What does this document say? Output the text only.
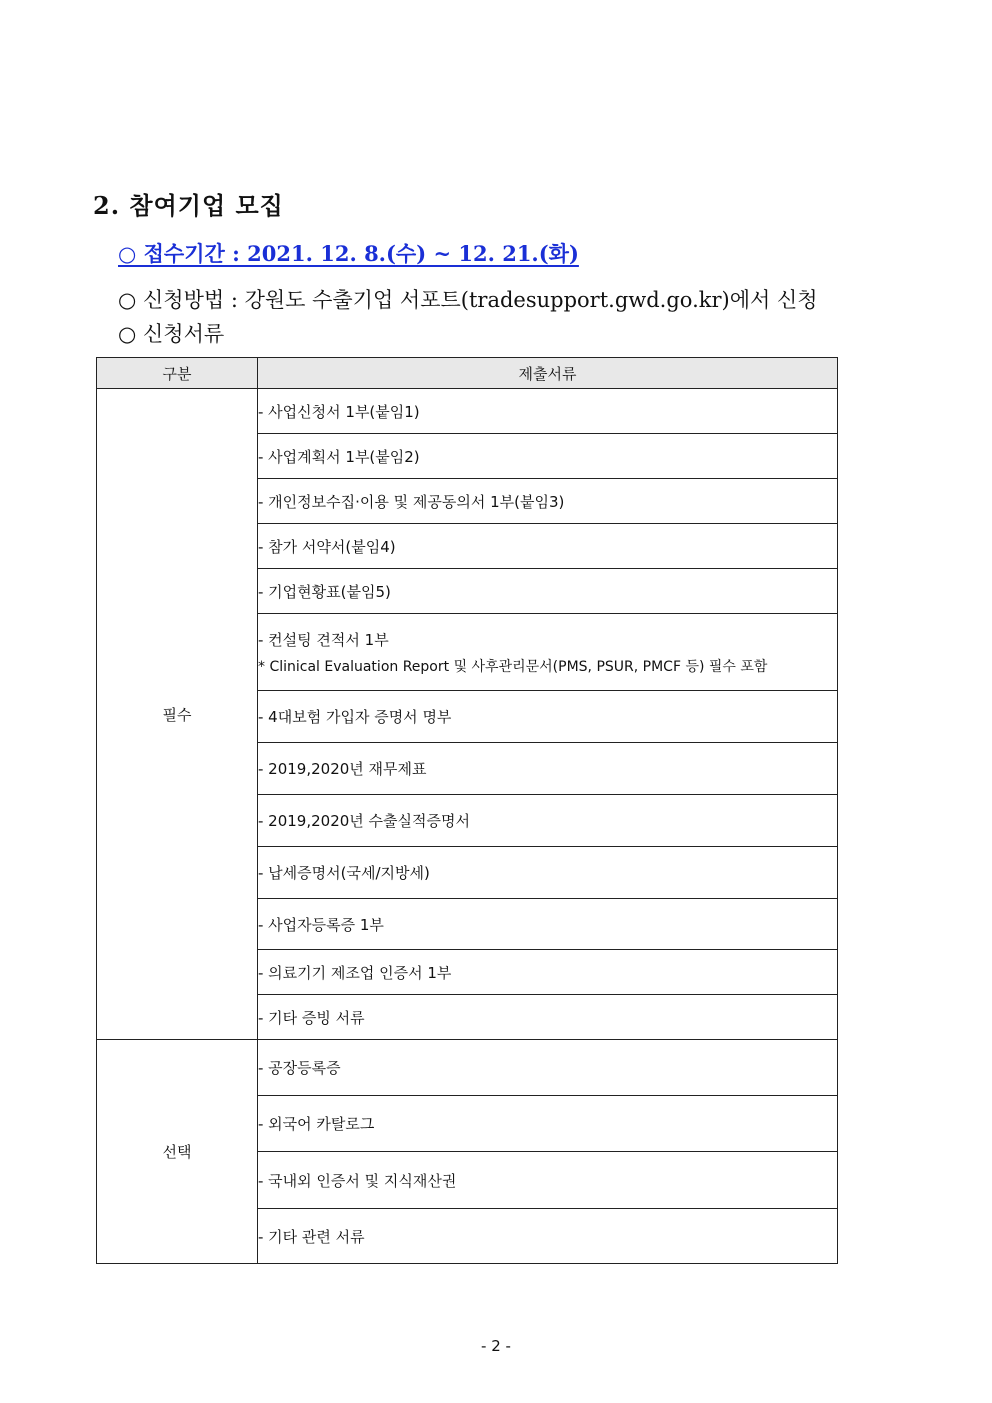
2. 참여기업 모집
○ 접수기간 : 2021. 12. 8.(수) ~ 12. 21.(화)
○ 신청방법 : 강원도 수출기업 서포트(tradesupport.gwd.go.kr)에서 신청
○ 신청서류
구분	제출서류
필수	- 사업신청서 1부(붙임1)
	- 사업계획서 1부(붙임2)
	- 개인정보수집·이용 및 제공동의서 1부(붙임3)
	- 참가 서약서(붙임4)
	- 기업현황표(붙임5)
	- 컨설팅 견적서 1부
* Clinical Evaluation Report 및 사후관리문서(PMS, PSUR, PMCF 등) 필수 포함

	- 4대보험 가입자 증명서 명부
	- 2019,2020년 재무제표
	- 2019,2020년 수출실적증명서
	- 납세증명서(국세/지방세)
	- 사업자등록증 1부
	- 의료기기 제조업 인증서 1부
	- 기타 증빙 서류
선택	- 공장등록증
	- 외국어 카탈로그
	- 국내외 인증서 및 지식재산권
	- 기타 관련 서류
- 2 -
